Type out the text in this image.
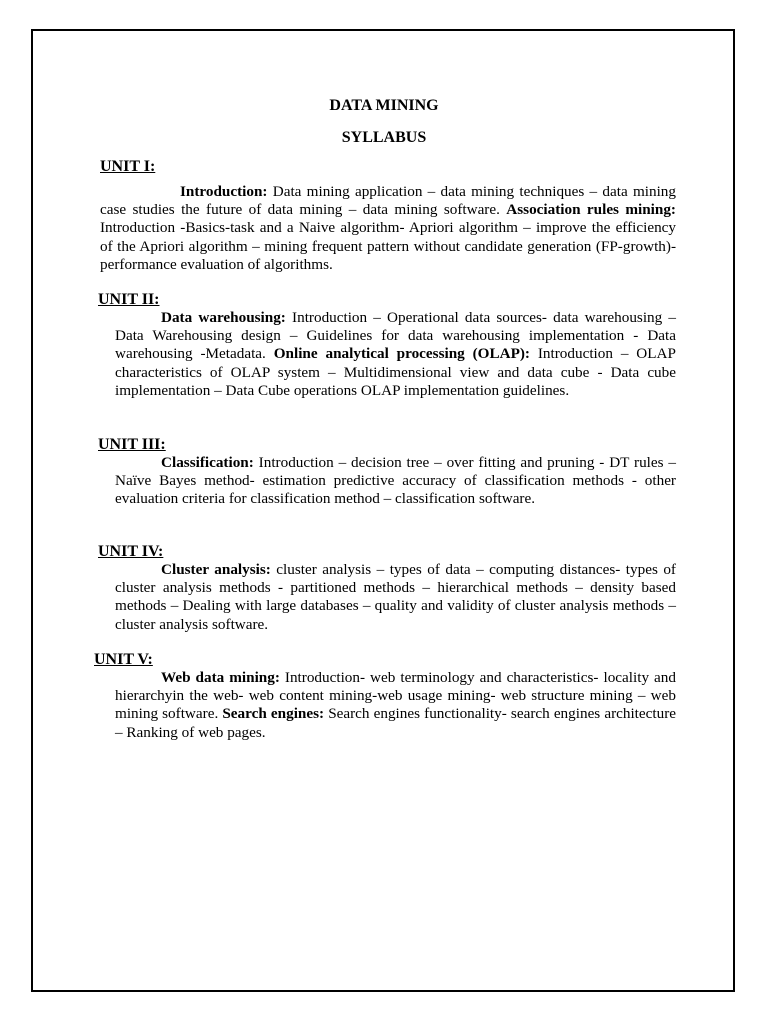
DATA MINING
SYLLABUS
UNIT I:
Introduction: Data mining application – data mining techniques – data mining case studies the future of data mining – data mining software. Association rules mining: Introduction -Basics-task and a Naive algorithm- Apriori algorithm – improve the efficiency of the Apriori algorithm – mining frequent pattern without candidate generation (FP-growth)-performance evaluation of algorithms.
UNIT II:
Data warehousing: Introduction – Operational data sources- data warehousing – Data Warehousing design – Guidelines for data warehousing implementation - Data warehousing -Metadata. Online analytical processing (OLAP): Introduction – OLAP characteristics of OLAP system – Multidimensional view and data cube - Data cube implementation – Data Cube operations OLAP implementation guidelines.
UNIT III:
Classification: Introduction – decision tree – over fitting and pruning - DT rules – Naïve Bayes method- estimation predictive accuracy of classification methods - other evaluation criteria for classification method – classification software.
UNIT IV:
Cluster analysis: cluster analysis – types of data – computing distances- types of cluster analysis methods - partitioned methods – hierarchical methods – density based methods – Dealing with large databases – quality and validity of cluster analysis methods – cluster analysis software.
UNIT V:
Web data mining: Introduction- web terminology and characteristics- locality and hierarchyin the web- web content mining-web usage mining- web structure mining – web mining software. Search engines: Search engines functionality- search engines architecture – Ranking of web pages.
